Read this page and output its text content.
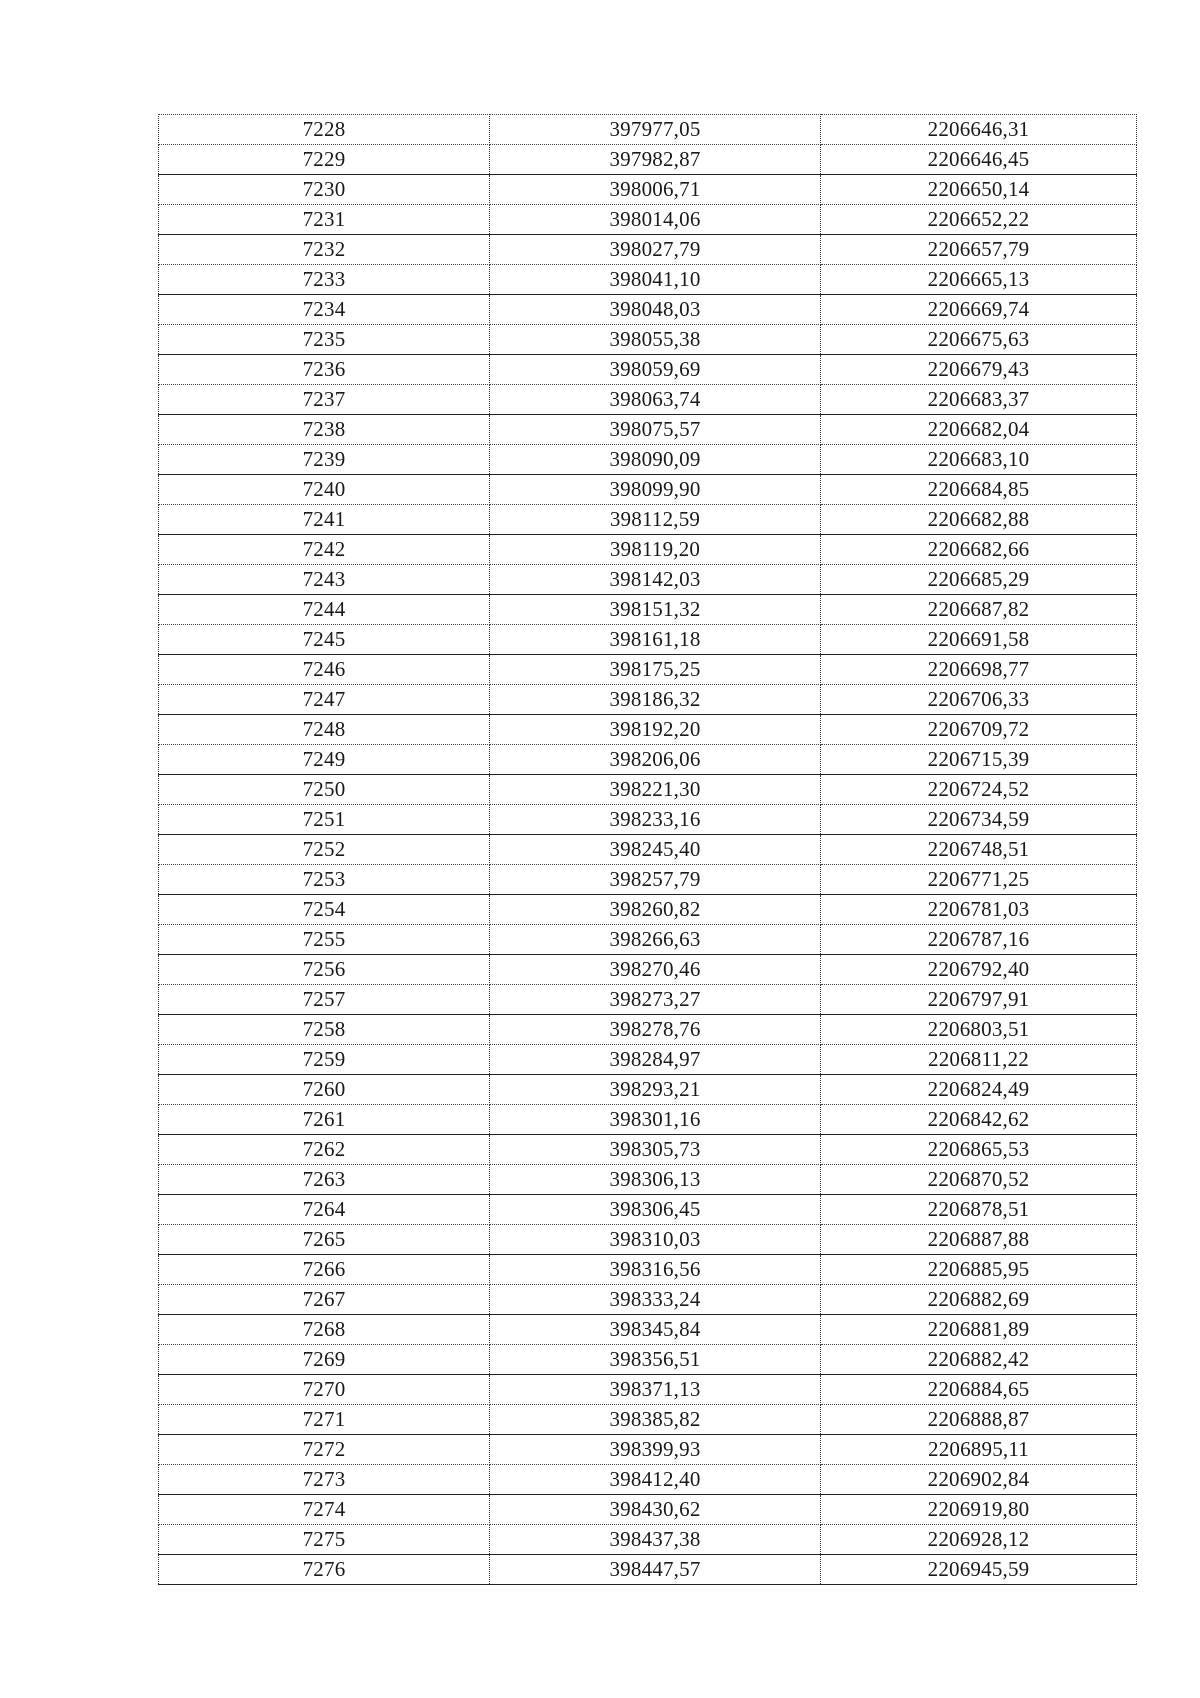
7228	397977,05	2206646,31
7229	397982,87	2206646,45
7230	398006,71	2206650,14
7231	398014,06	2206652,22
7232	398027,79	2206657,79
7233	398041,10	2206665,13
7234	398048,03	2206669,74
7235	398055,38	2206675,63
7236	398059,69	2206679,43
7237	398063,74	2206683,37
7238	398075,57	2206682,04
7239	398090,09	2206683,10
7240	398099,90	2206684,85
7241	398112,59	2206682,88
7242	398119,20	2206682,66
7243	398142,03	2206685,29
7244	398151,32	2206687,82
7245	398161,18	2206691,58
7246	398175,25	2206698,77
7247	398186,32	2206706,33
7248	398192,20	2206709,72
7249	398206,06	2206715,39
7250	398221,30	2206724,52
7251	398233,16	2206734,59
7252	398245,40	2206748,51
7253	398257,79	2206771,25
7254	398260,82	2206781,03
7255	398266,63	2206787,16
7256	398270,46	2206792,40
7257	398273,27	2206797,91
7258	398278,76	2206803,51
7259	398284,97	2206811,22
7260	398293,21	2206824,49
7261	398301,16	2206842,62
7262	398305,73	2206865,53
7263	398306,13	2206870,52
7264	398306,45	2206878,51
7265	398310,03	2206887,88
7266	398316,56	2206885,95
7267	398333,24	2206882,69
7268	398345,84	2206881,89
7269	398356,51	2206882,42
7270	398371,13	2206884,65
7271	398385,82	2206888,87
7272	398399,93	2206895,11
7273	398412,40	2206902,84
7274	398430,62	2206919,80
7275	398437,38	2206928,12
7276	398447,57	2206945,59
